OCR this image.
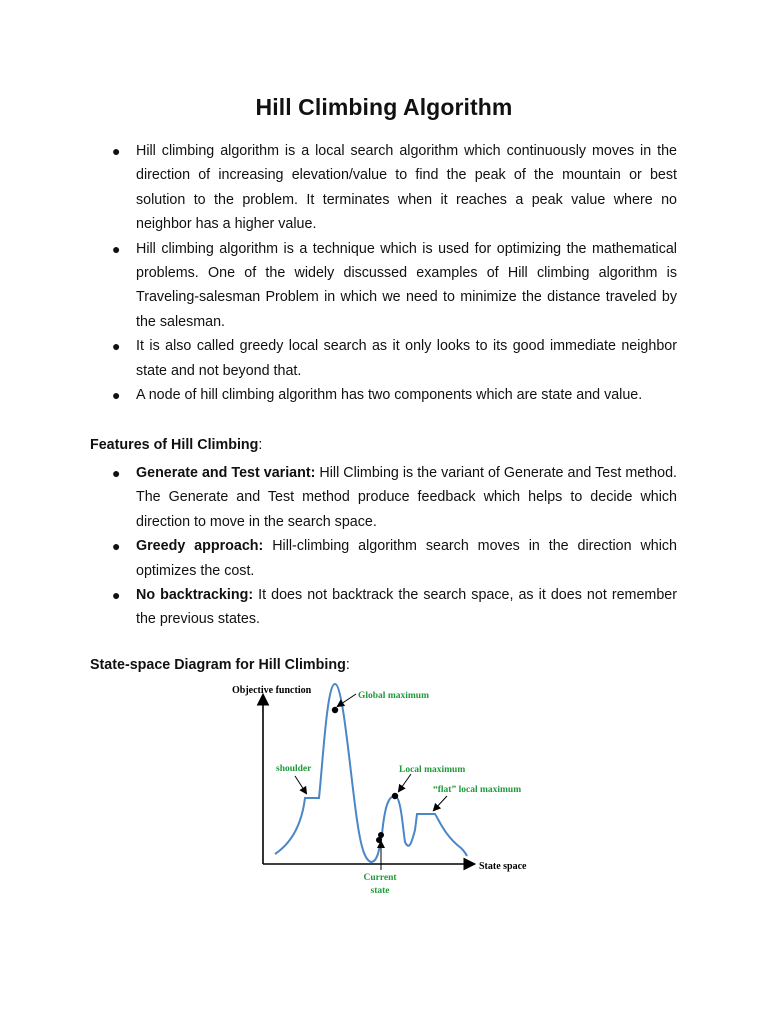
Hill Climbing Algorithm
● Hill climbing algorithm is a local search algorithm which continuously moves in the direction of increasing elevation/value to find the peak of the mountain or best solution to the problem. It terminates when it reaches a peak value where no neighbor has a higher value.
● Hill climbing algorithm is a technique which is used for optimizing the mathematical problems. One of the widely discussed examples of Hill climbing algorithm is Traveling-salesman Problem in which we need to minimize the distance traveled by the salesman.
● It is also called greedy local search as it only looks to its good immediate neighbor state and not beyond that.
● A node of hill climbing algorithm has two components which are state and value.
Features of Hill Climbing:
● Generate and Test variant: Hill Climbing is the variant of Generate and Test method. The Generate and Test method produce feedback which helps to decide which direction to move in the search space.
● Greedy approach: Hill-climbing algorithm search moves in the direction which optimizes the cost.
● No backtracking: It does not backtrack the search space, as it does not remember the previous states.
State-space Diagram for Hill Climbing:
Objective function
State space
Global maximum
shoulder	Local maximum
“flat” local maximum
Current
state
